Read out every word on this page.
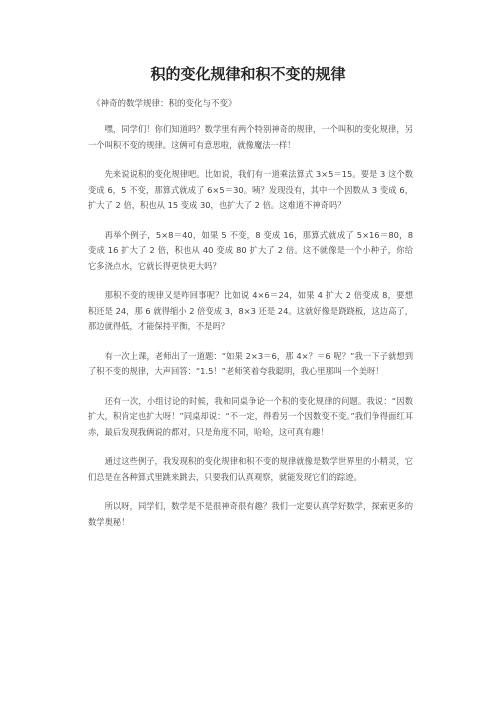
积的变化规律和积不变的规律

《神奇的数学规律：积的变化与不变》

嘿，同学们！你们知道吗？数学里有两个特别神奇的规律，一个叫积的变化规律，另一个叫积不变的规律。这俩可有意思啦，就像魔法一样！

先来说说积的变化规律吧。比如说，我们有一道乘法算式 3×5＝15。要是 3 这个数变成 6，5 不变，那算式就成了 6×5＝30。咦？发现没有，其中一个因数从 3 变成 6，扩大了 2 倍，积也从 15 变成 30，也扩大了 2 倍。这难道不神奇吗？

再举个例子，5×8＝40，如果 5 不变，8 变成 16，那算式就成了 5×16＝80，8 变成 16 扩大了 2 倍，积也从 40 变成 80 扩大了 2 倍。这不就像是一个小种子，你给它多浇点水，它就长得更快更大吗？

那积不变的规律又是咋回事呢？比如说 4×6＝24，如果 4 扩大 2 倍变成 8，要想积还是 24，那 6 就得缩小 2 倍变成 3，8×3 还是 24。这就好像是跷跷板，这边高了，那边就得低，才能保持平衡，不是吗？

有一次上课，老师出了一道题：“如果 2×3＝6，那 4×？＝6 呢？”我一下子就想到了积不变的规律，大声回答：“1.5！”老师笑着夸我聪明，我心里那叫一个美呀！

还有一次，小组讨论的时候，我和同桌争论一个积的变化规律的问题。我说：“因数扩大，积肯定也扩大呀！”同桌却说：“不一定，得看另一个因数变不变。”我们争得面红耳赤，最后发现我俩说的都对，只是角度不同，哈哈，这可真有趣！

通过这些例子，我发现积的变化规律和积不变的规律就像是数学世界里的小精灵，它们总是在各种算式里跳来跳去，只要我们认真观察，就能发现它们的踪迹。

所以呀，同学们，数学是不是很神奇很有趣？我们一定要认真学好数学，探索更多的数学奥秘！
